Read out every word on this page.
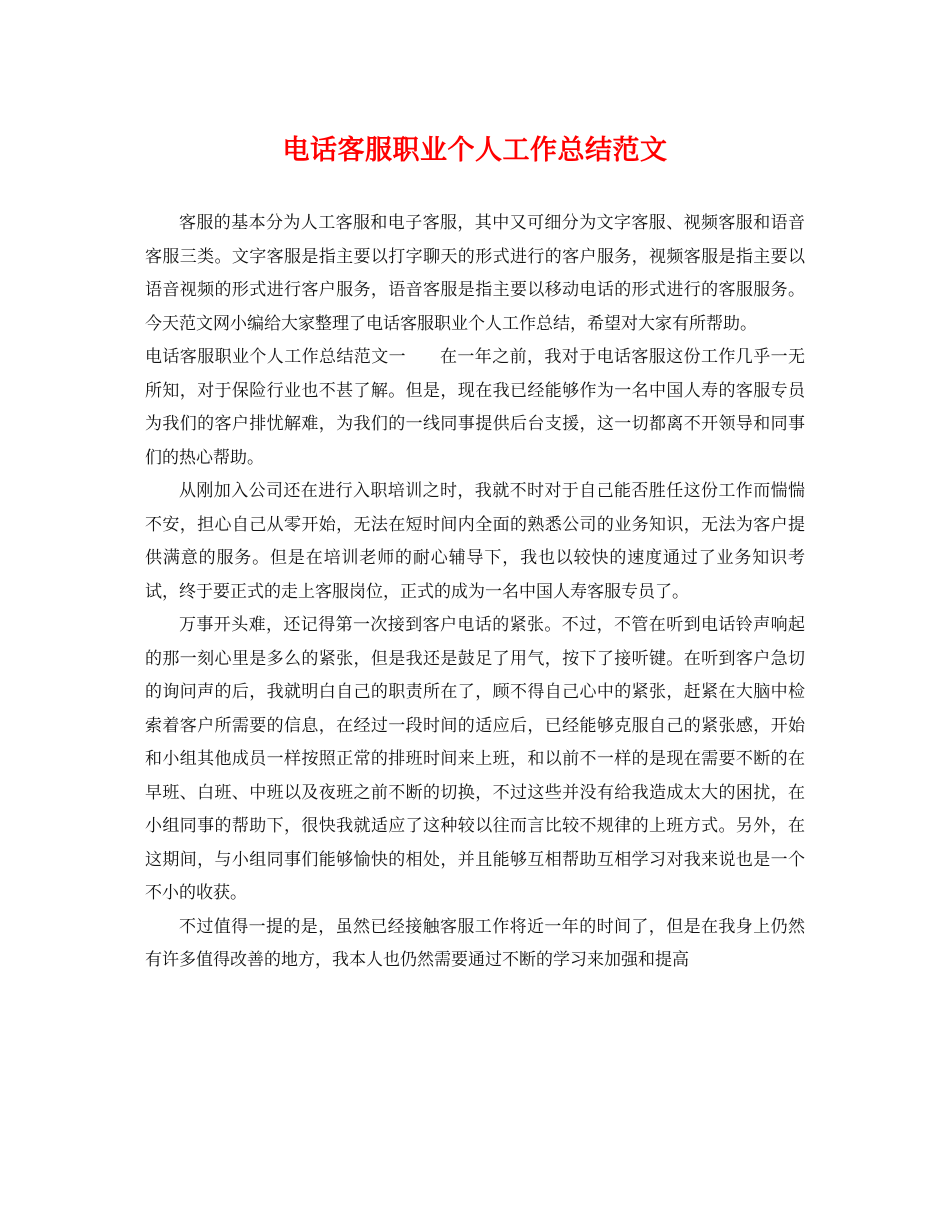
电话客服职业个人工作总结范文

客服的基本分为人工客服和电子客服，其中又可细分为文字客服、视频客服和语音客服三类。文字客服是指主要以打字聊天的形式进行的客户服务，视频客服是指主要以语音视频的形式进行客户服务，语音客服是指主要以移动电话的形式进行的客服服务。今天范文网小编给大家整理了电话客服职业个人工作总结，希望对大家有所帮助。

电话客服职业个人工作总结范文一 在一年之前，我对于电话客服这份工作几乎一无所知，对于保险行业也不甚了解。但是，现在我已经能够作为一名中国人寿的客服专员为我们的客户排忧解难，为我们的一线同事提供后台支援，这一切都离不开领导和同事们的热心帮助。

从刚加入公司还在进行入职培训之时，我就不时对于自己能否胜任这份工作而惴惴不安，担心自己从零开始，无法在短时间内全面的熟悉公司的业务知识，无法为客户提供满意的服务。但是在培训老师的耐心辅导下，我也以较快的速度通过了业务知识考试，终于要正式的走上客服岗位，正式的成为一名中国人寿客服专员了。

万事开头难，还记得第一次接到客户电话的紧张。不过，不管在听到电话铃声响起的那一刻心里是多么的紧张，但是我还是鼓足了用气，按下了接听键。在听到客户急切的询问声的后，我就明白自己的职责所在了，顾不得自己心中的紧张，赶紧在大脑中检索着客户所需要的信息，在经过一段时间的适应后，已经能够克服自己的紧张感，开始和小组其他成员一样按照正常的排班时间来上班，和以前不一样的是现在需要不断的在早班、白班、中班以及夜班之前不断的切换，不过这些并没有给我造成太大的困扰，在小组同事的帮助下，很快我就适应了这种较以往而言比较不规律的上班方式。另外，在这期间，与小组同事们能够愉快的相处，并且能够互相帮助互相学习对我来说也是一个不小的收获。

不过值得一提的是，虽然已经接触客服工作将近一年的时间了，但是在我身上仍然有许多值得改善的地方，我本人也仍然需要通过不断的学习来加强和提高
